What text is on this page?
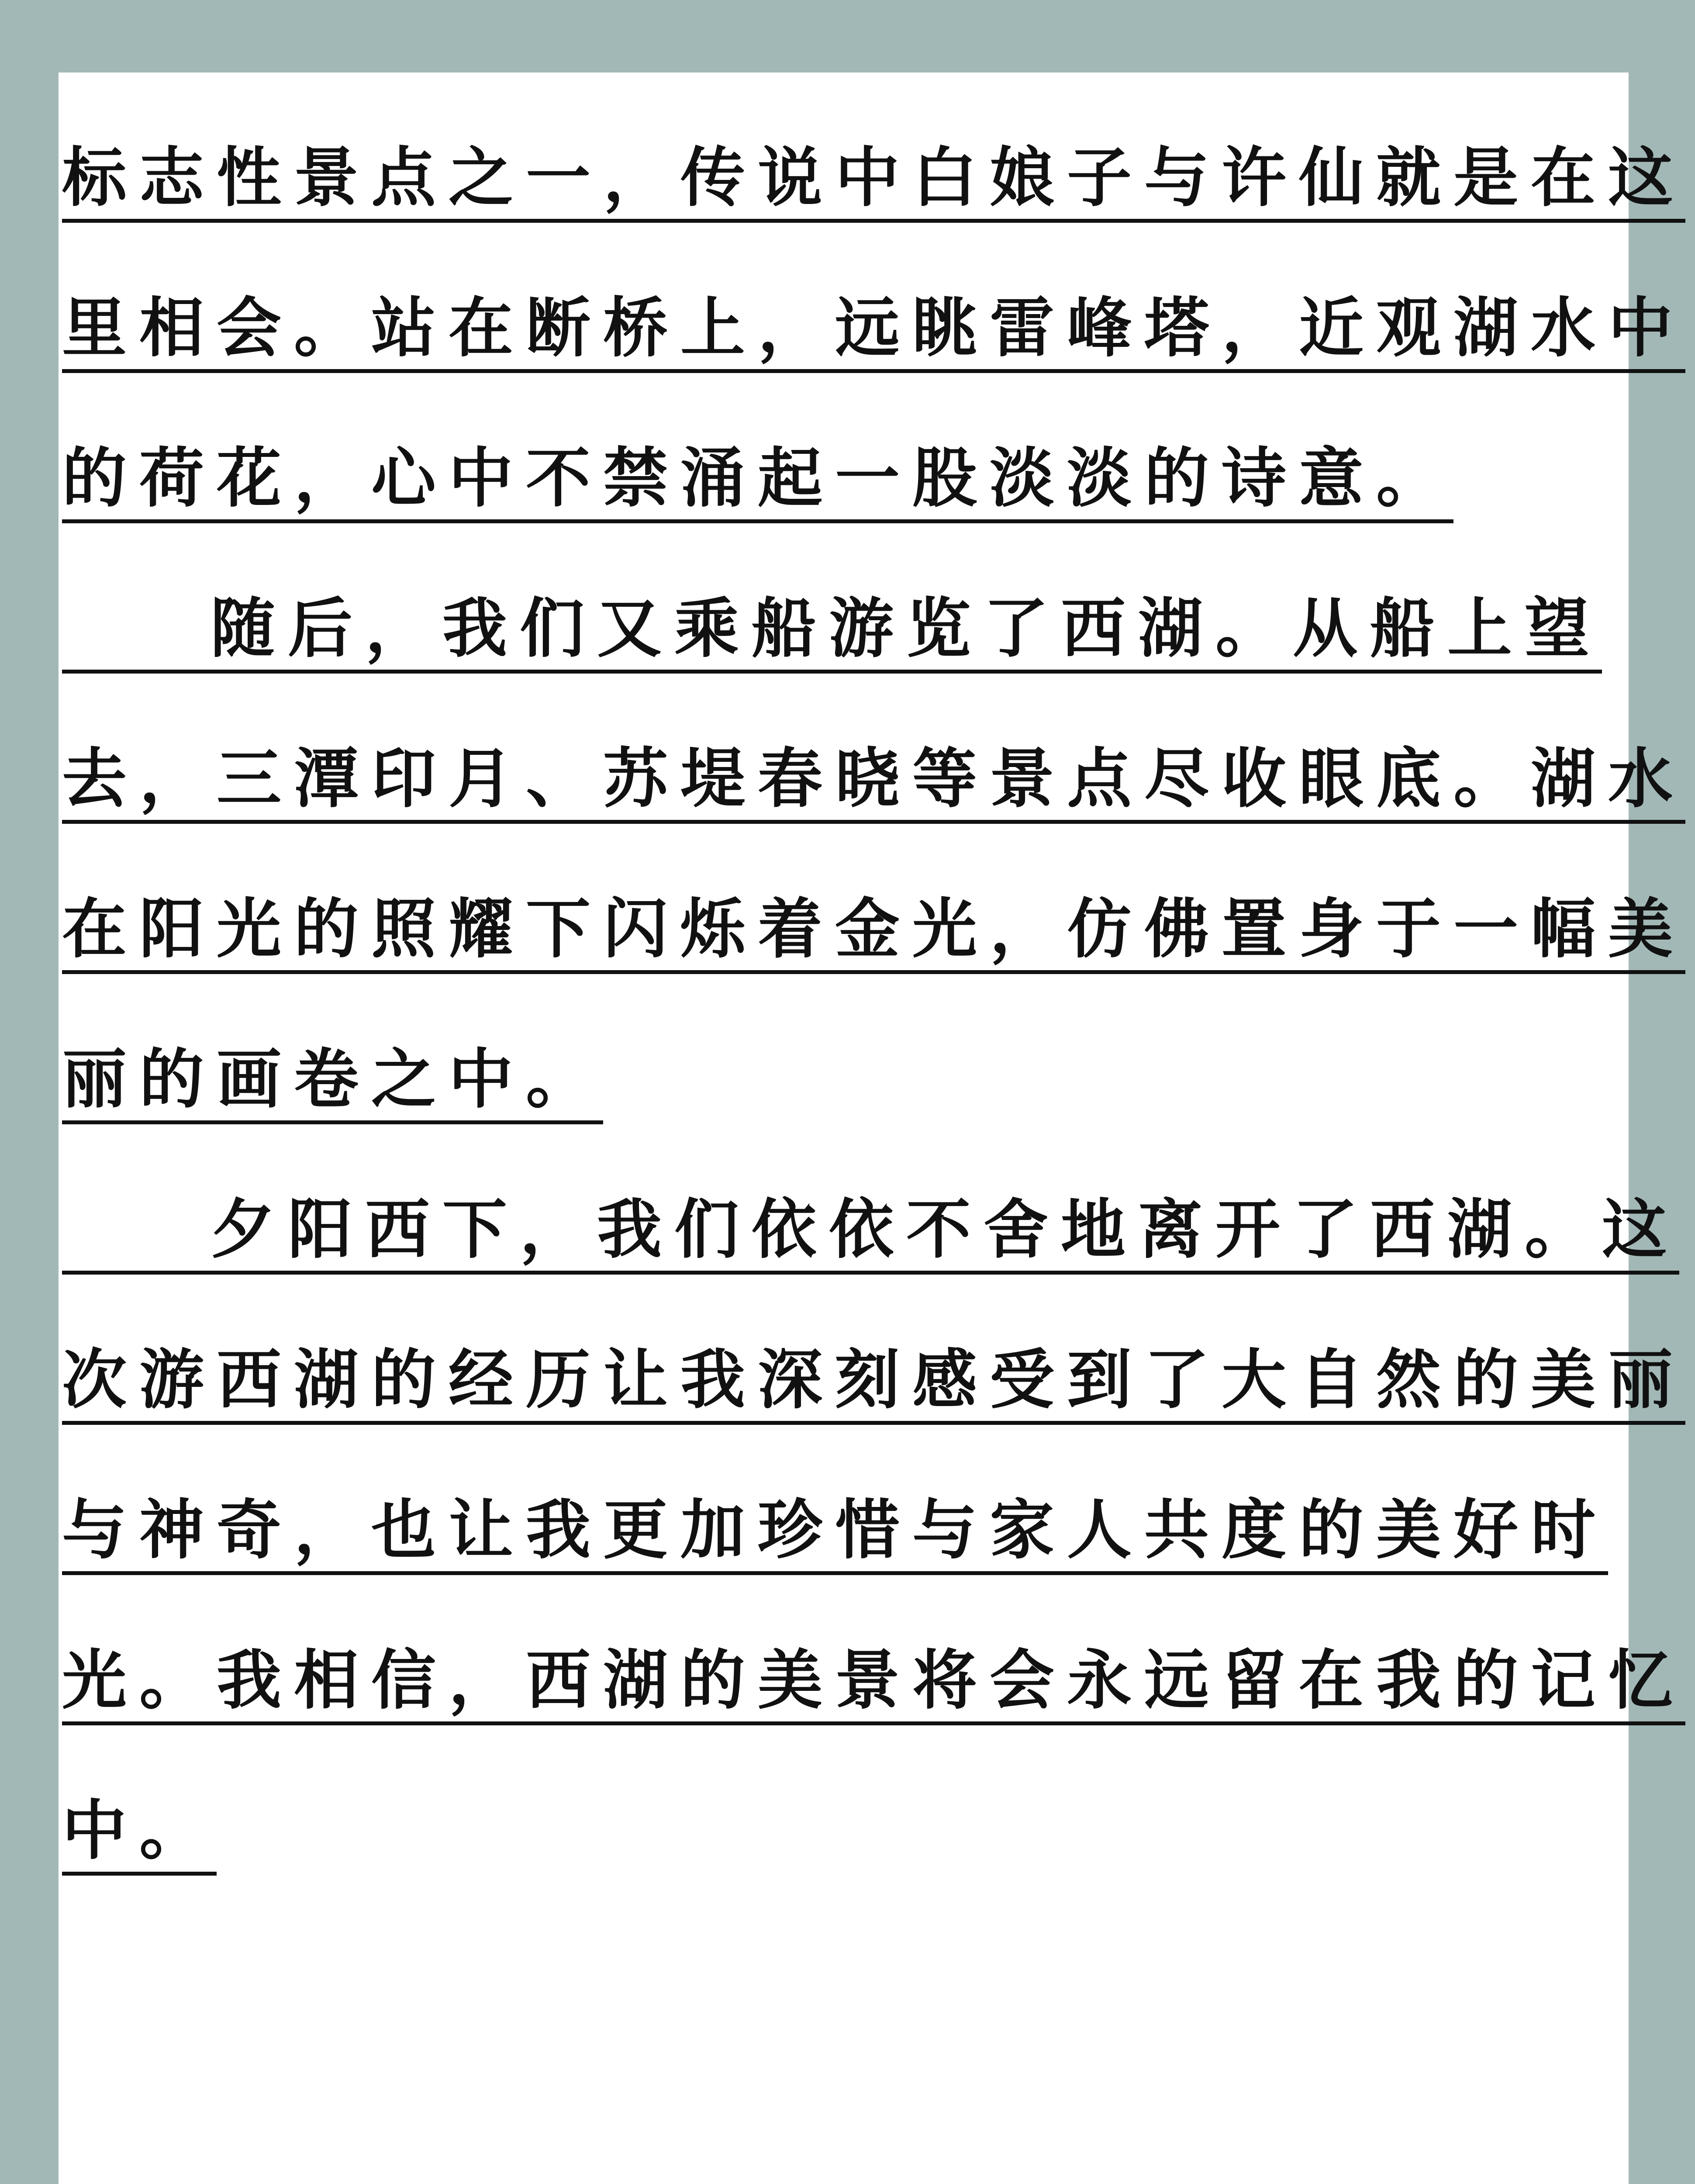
标志性景点之一，传说中白娘子与许仙就是在这
里相会。站在断桥上，远眺雷峰塔，近观湖水中
的荷花，心中不禁涌起一股淡淡的诗意。
随后，我们又乘船游览了西湖。从船上望
去，三潭印月、苏堤春晓等景点尽收眼底。湖水
在阳光的照耀下闪烁着金光，仿佛置身于一幅美
丽的画卷之中。
夕阳西下，我们依依不舍地离开了西湖。这
次游西湖的经历让我深刻感受到了大自然的美丽
与神奇，也让我更加珍惜与家人共度的美好时
光。我相信，西湖的美景将会永远留在我的记忆
中。
